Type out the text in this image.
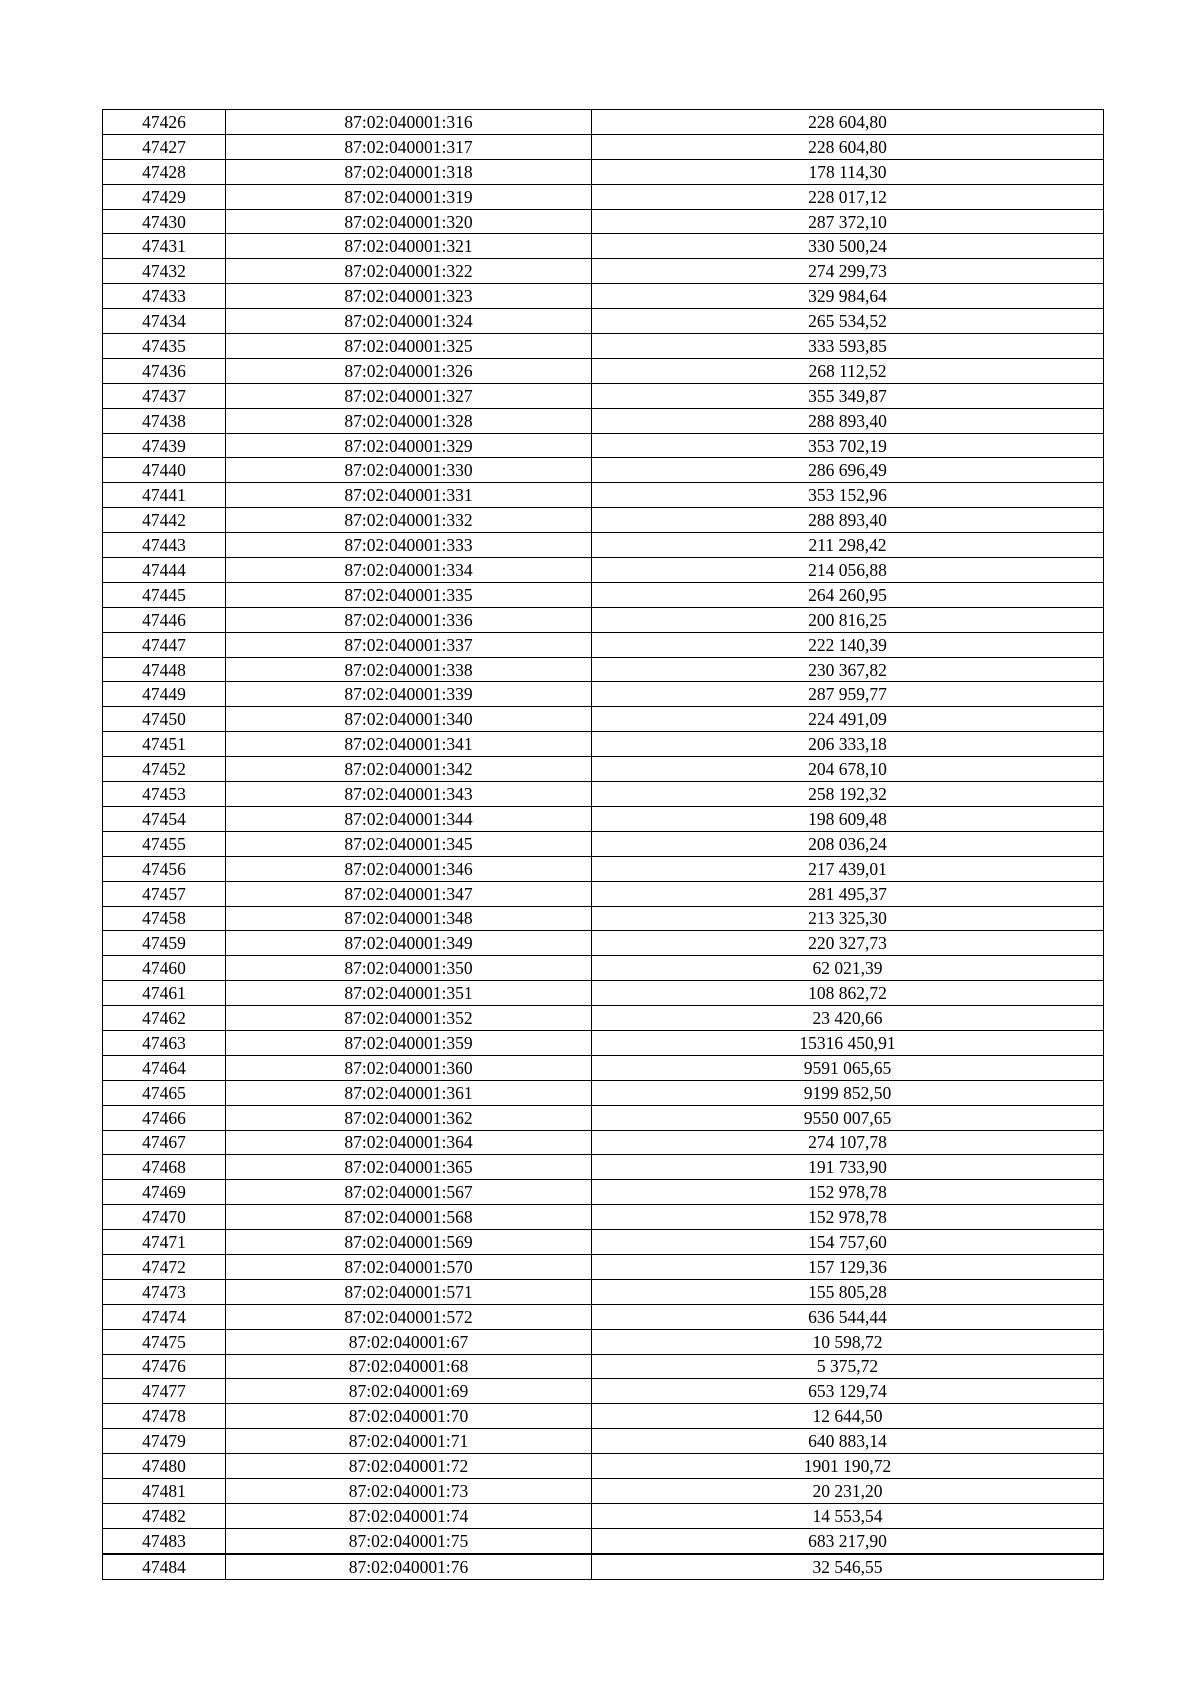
47426	87:02:040001:316	228 604,80
47427	87:02:040001:317	228 604,80
47428	87:02:040001:318	178 114,30
47429	87:02:040001:319	228 017,12
47430	87:02:040001:320	287 372,10
47431	87:02:040001:321	330 500,24
47432	87:02:040001:322	274 299,73
47433	87:02:040001:323	329 984,64
47434	87:02:040001:324	265 534,52
47435	87:02:040001:325	333 593,85
47436	87:02:040001:326	268 112,52
47437	87:02:040001:327	355 349,87
47438	87:02:040001:328	288 893,40
47439	87:02:040001:329	353 702,19
47440	87:02:040001:330	286 696,49
47441	87:02:040001:331	353 152,96
47442	87:02:040001:332	288 893,40
47443	87:02:040001:333	211 298,42
47444	87:02:040001:334	214 056,88
47445	87:02:040001:335	264 260,95
47446	87:02:040001:336	200 816,25
47447	87:02:040001:337	222 140,39
47448	87:02:040001:338	230 367,82
47449	87:02:040001:339	287 959,77
47450	87:02:040001:340	224 491,09
47451	87:02:040001:341	206 333,18
47452	87:02:040001:342	204 678,10
47453	87:02:040001:343	258 192,32
47454	87:02:040001:344	198 609,48
47455	87:02:040001:345	208 036,24
47456	87:02:040001:346	217 439,01
47457	87:02:040001:347	281 495,37
47458	87:02:040001:348	213 325,30
47459	87:02:040001:349	220 327,73
47460	87:02:040001:350	62 021,39
47461	87:02:040001:351	108 862,72
47462	87:02:040001:352	23 420,66
47463	87:02:040001:359	15316 450,91
47464	87:02:040001:360	9591 065,65
47465	87:02:040001:361	9199 852,50
47466	87:02:040001:362	9550 007,65
47467	87:02:040001:364	274 107,78
47468	87:02:040001:365	191 733,90
47469	87:02:040001:567	152 978,78
47470	87:02:040001:568	152 978,78
47471	87:02:040001:569	154 757,60
47472	87:02:040001:570	157 129,36
47473	87:02:040001:571	155 805,28
47474	87:02:040001:572	636 544,44
47475	87:02:040001:67	10 598,72
47476	87:02:040001:68	5 375,72
47477	87:02:040001:69	653 129,74
47478	87:02:040001:70	12 644,50
47479	87:02:040001:71	640 883,14
47480	87:02:040001:72	1901 190,72
47481	87:02:040001:73	20 231,20
47482	87:02:040001:74	14 553,54
47483	87:02:040001:75	683 217,90
47484	87:02:040001:76	32 546,55
